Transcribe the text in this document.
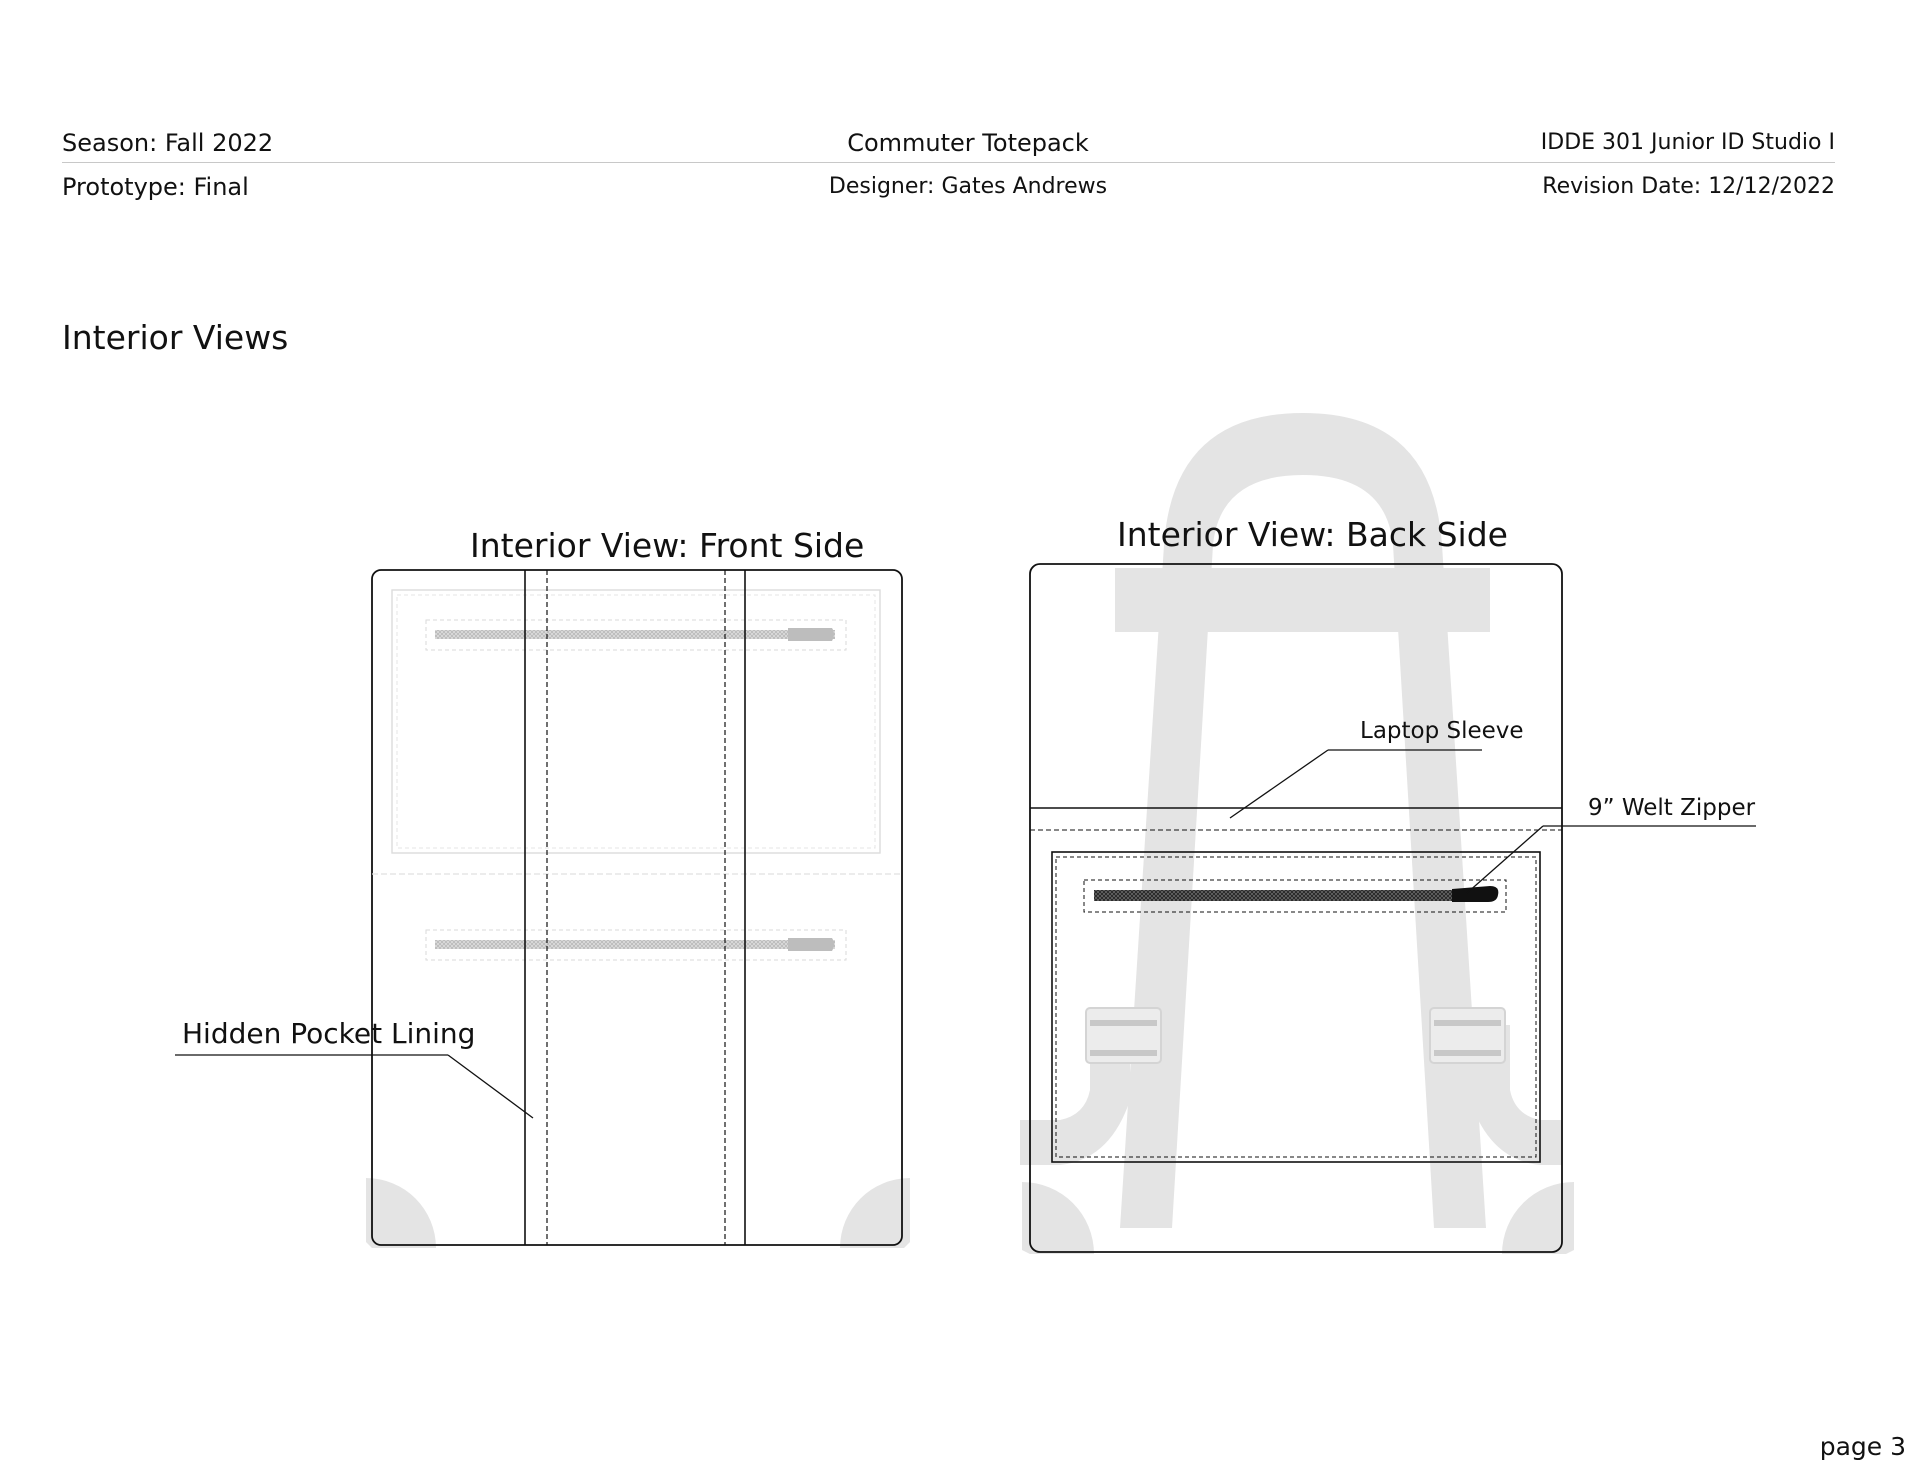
Season: Fall 2022
Prototype: Final
Commuter Totepack
Designer: Gates Andrews
IDDE 301 Junior ID Studio I
Revision Date: 12/12/2022
Interior Views
Interior View: Front Side	Interior View: Back Side
Hidden Pocket Lining
Laptop Sleeve
9” Welt Zipper
page 3
